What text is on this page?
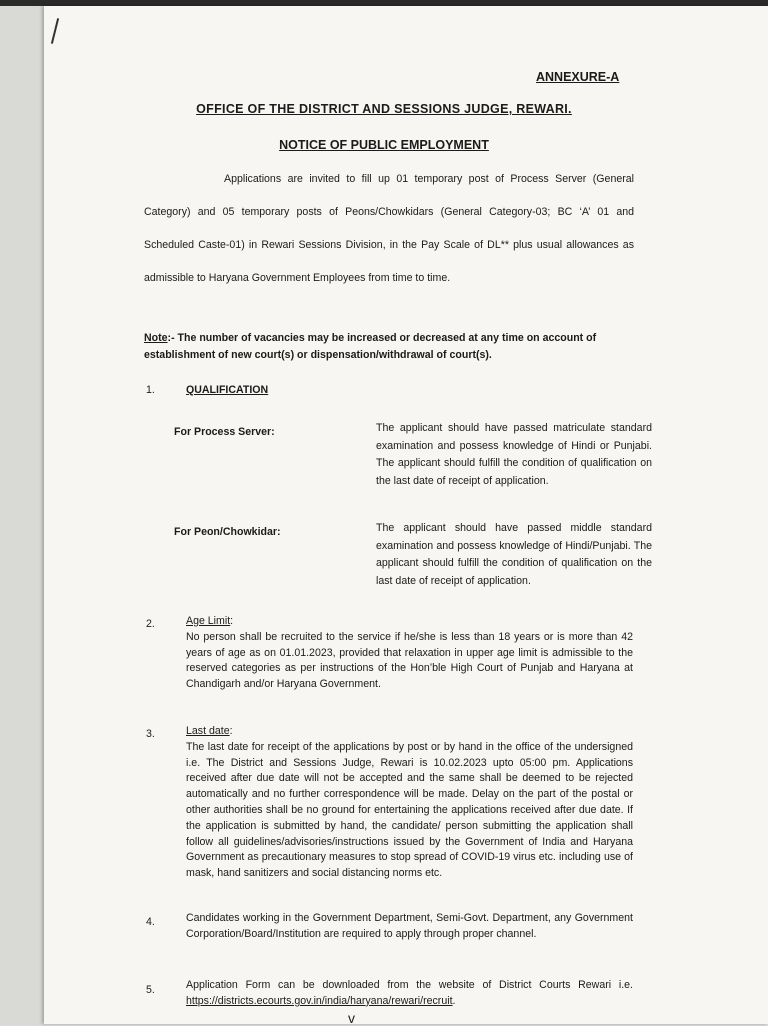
ANNEXURE-A
OFFICE OF THE DISTRICT AND SESSIONS JUDGE, REWARI.
NOTICE OF PUBLIC EMPLOYMENT
Applications are invited to fill up 01 temporary post of Process Server (General Category) and 05 temporary posts of Peons/Chowkidars (General Category-03; BC ‘A’ 01 and Scheduled Caste-01) in Rewari Sessions Division, in the Pay Scale of DL** plus usual allowances as admissible to Haryana Government Employees from time to time.
Note:- The number of vacancies may be increased or decreased at any time on account of establishment of new court(s) or dispensation/withdrawal of court(s).
1.	QUALIFICATION
For Process Server:	The applicant should have passed matriculate standard examination and possess knowledge of Hindi or Punjabi. The applicant should fulfill the condition of qualification on the last date of receipt of application.
For Peon/Chowkidar:	The applicant should have passed middle standard examination and possess knowledge of Hindi/Punjabi. The applicant should fulfill the condition of qualification on the last date of receipt of application.
2.	Age Limit:
No person shall be recruited to the service if he/she is less than 18 years or is more than 42 years of age as on 01.01.2023, provided that relaxation in upper age limit is admissible to the reserved categories as per instructions of the Hon’ble High Court of Punjab and Haryana at Chandigarh and/or Haryana Government.
3.	Last date:
The last date for receipt of the applications by post or by hand in the office of the undersigned i.e. The District and Sessions Judge, Rewari is 10.02.2023 upto 05:00 pm. Applications received after due date will not be accepted and the same shall be deemed to be rejected automatically and no further correspondence will be made. Delay on the part of the postal or other authorities shall be no ground for entertaining the applications received after due date. If the application is submitted by hand, the candidate/ person submitting the application shall follow all guidelines/advisories/instructions issued by the Government of India and Haryana Government as precautionary measures to stop spread of COVID-19 virus etc. including use of mask, hand sanitizers and social distancing norms etc.
4.	Candidates working in the Government Department, Semi-Govt. Department, any Government Corporation/Board/Institution are required to apply through proper channel.
5.	Application Form can be downloaded from the website of District Courts Rewari i.e. https://districts.ecourts.gov.in/india/haryana/rewari/recruit.
v
